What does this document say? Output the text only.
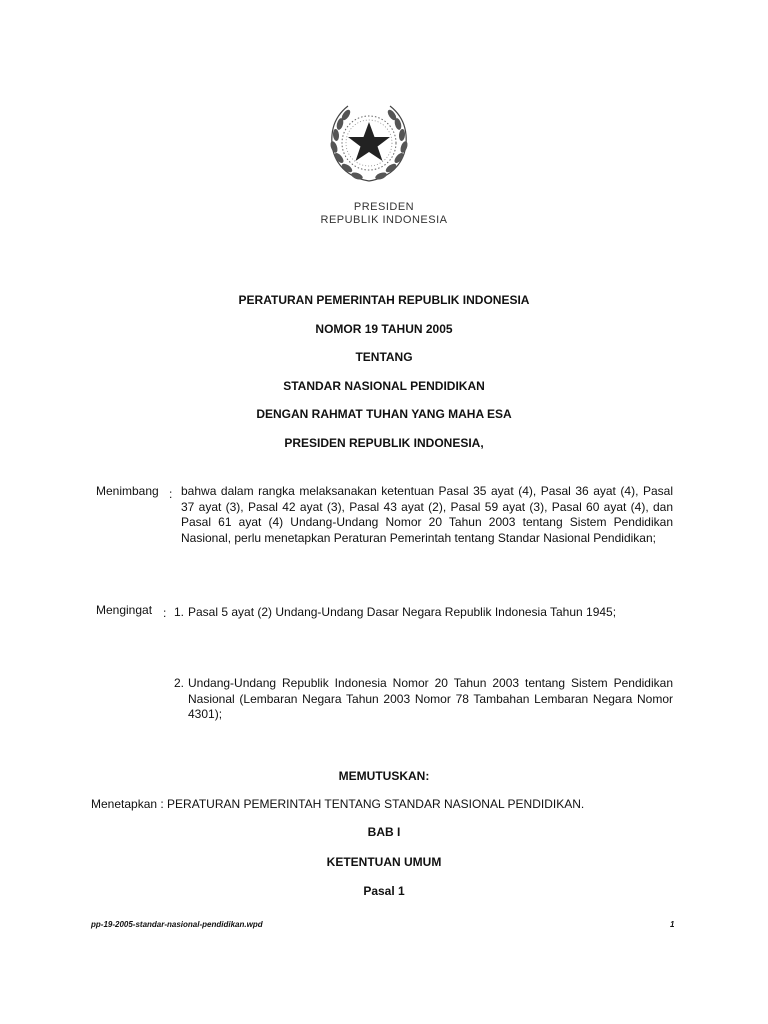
PRESIDEN
REPUBLIK INDONESIA
PERATURAN PEMERINTAH REPUBLIK INDONESIA
NOMOR 19 TAHUN 2005
TENTANG
STANDAR NASIONAL PENDIDIKAN
DENGAN RAHMAT TUHAN YANG MAHA ESA
PRESIDEN REPUBLIK INDONESIA,
Menimbang : bahwa dalam rangka melaksanakan ketentuan Pasal 35 ayat (4), Pasal 36 ayat (4), Pasal 37 ayat (3), Pasal 42 ayat (3), Pasal 43 ayat (2), Pasal 59 ayat (3), Pasal 60 ayat (4), dan Pasal 61 ayat (4) Undang-Undang Nomor 20 Tahun 2003 tentang Sistem Pendidikan Nasional, perlu menetapkan Peraturan Pemerintah tentang Standar Nasional Pendidikan;
Mengingat : 1. Pasal 5 ayat (2) Undang-Undang Dasar Negara Republik Indonesia Tahun 1945;
2. Undang-Undang Republik Indonesia Nomor 20 Tahun 2003 tentang Sistem Pendidikan Nasional (Lembaran Negara Tahun 2003 Nomor 78 Tambahan Lembaran Negara Nomor 4301);
MEMUTUSKAN:
Menetapkan : PERATURAN PEMERINTAH TENTANG STANDAR NASIONAL PENDIDIKAN.
BAB I
KETENTUAN UMUM
Pasal 1
pp-19-2005-standar-nasional-pendidikan.wpd	1
